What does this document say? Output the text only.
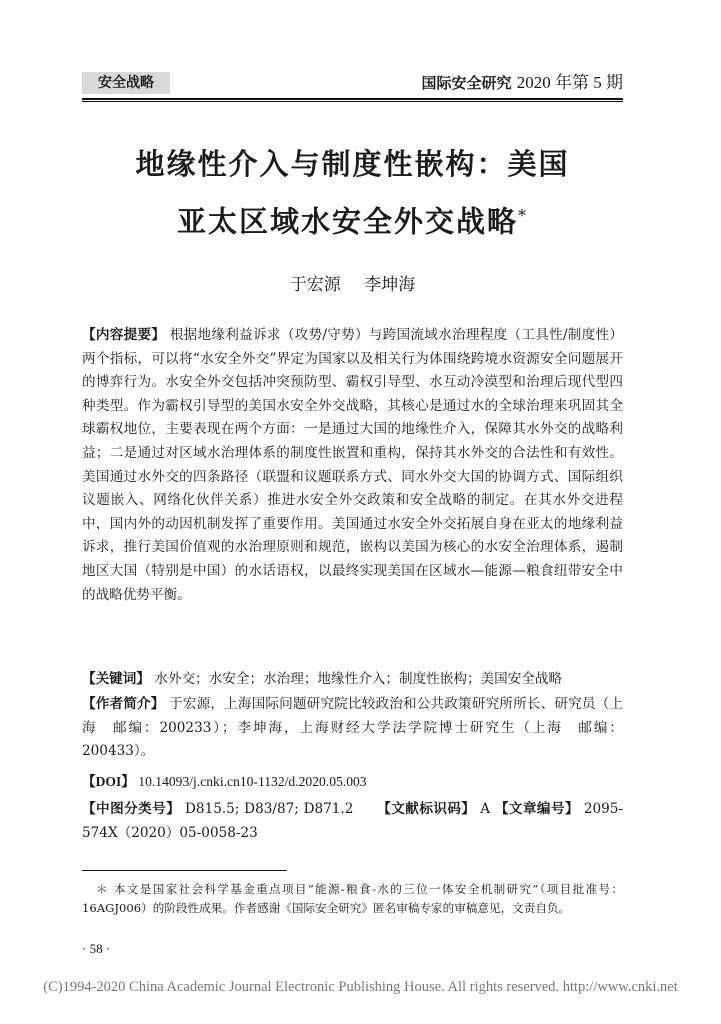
安全战略	国际安全研究 2020 年第 5 期
地缘性介入与制度性嵌构：美国
亚太区域水安全外交战略*
于宏源 李坤海
【内容提要】 根据地缘利益诉求（攻势/守势）与跨国流域水治理程度（工具性/制度性）两个指标，可以将“水安全外交”界定为国家以及相关行为体围绕跨境水资源安全问题展开的博弈行为。水安全外交包括冲突预防型、霸权引导型、水互动冷漠型和治理后现代型四种类型。作为霸权引导型的美国水安全外交战略，其核心是通过水的全球治理来巩固其全球霸权地位，主要表现在两个方面：一是通过大国的地缘性介入，保障其水外交的战略利益；二是通过对区域水治理体系的制度性嵌置和重构，保持其水外交的合法性和有效性。美国通过水外交的四条路径（联盟和议题联系方式、同水外交大国的协调方式、国际组织议题嵌入、网络化伙伴关系）推进水安全外交政策和安全战略的制定。在其水外交进程中，国内外的动因机制发挥了重要作用。美国通过水安全外交拓展自身在亚太的地缘利益诉求，推行美国价值观的水治理原则和规范，嵌构以美国为核心的水安全治理体系，遏制地区大国（特别是中国）的水话语权，以最终实现美国在区域水—能源—粮食纽带安全中的战略优势平衡。
【关键词】 水外交；水安全；水治理；地缘性介入；制度性嵌构；美国安全战略
【作者简介】 于宏源，上海国际问题研究院比较政治和公共政策研究所所长、研究员（上海　邮编：200233）；李坤海，上海财经大学法学院博士研究生（上海　邮编：200433）。
【DOI】 10.14093/j.cnki.cn10-1132/d.2020.05.003
【中图分类号】 D815.5; D83/87; D871.2 【文献标识码】 A 【文章编号】 2095-574X（2020）05-0058-23
＊ 本文是国家社会科学基金重点项目“能源-粮食-水的三位一体安全机制研究”（项目批准号：16AGJ006）的阶段性成果。作者感谢《国际安全研究》匿名审稿专家的审稿意见，文责自负。
· 58 ·
(C)1994-2020 China Academic Journal Electronic Publishing House. All rights reserved. http://www.cnki.net
